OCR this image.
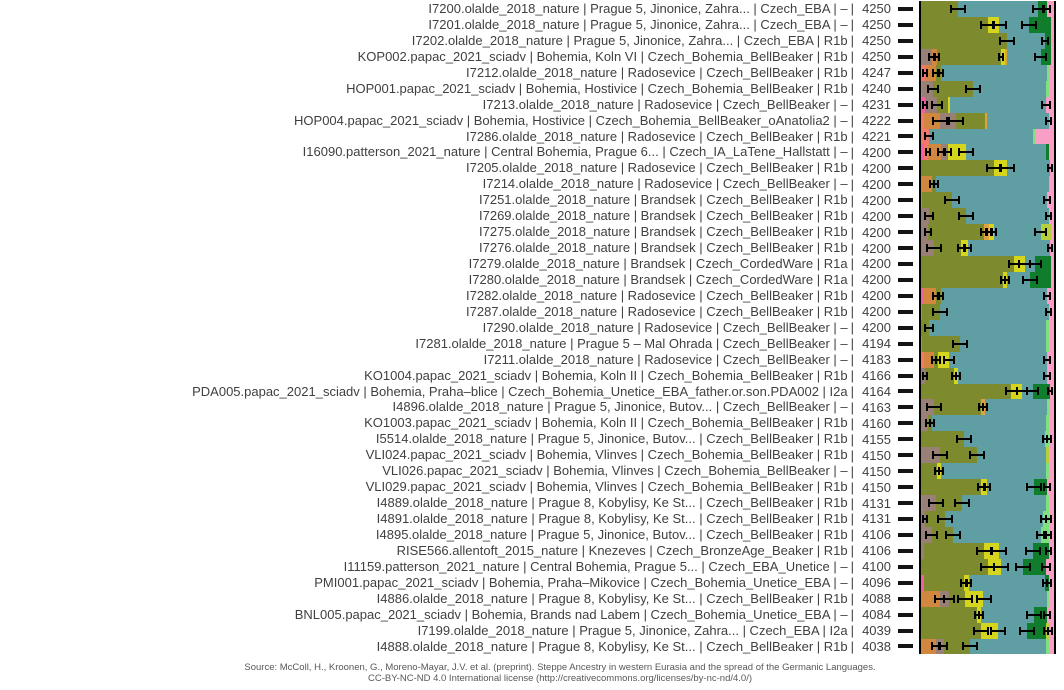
I7200.olalde_2018_nature | Prague 5, Jinonice, Zahra... | Czech_EBA | – | 4250
I7201.olalde_2018_nature | Prague 5, Jinonice, Zahra... | Czech_EBA | – | 4250
I7202.olalde_2018_nature | Prague 5, Jinonice, Zahra... | Czech_EBA | R1b | 4250
KOP002.papac_2021_sciadv | Bohemia, Koln VI | Czech_Bohemia_BellBeaker | R1b | 4250
I7212.olalde_2018_nature | Radosevice | Czech_BellBeaker | R1b | 4247
HOP001.papac_2021_sciadv | Bohemia, Hostivice | Czech_Bohemia_BellBeaker | R1b | 4240
I7213.olalde_2018_nature | Radosevice | Czech_BellBeaker | – | 4231
HOP004.papac_2021_sciadv | Bohemia, Hostivice | Czech_Bohemia_BellBeaker_oAnatolia2 | – | 4222
I7286.olalde_2018_nature | Radosevice | Czech_BellBeaker | R1b | 4221
I16090.patterson_2021_nature | Central Bohemia, Prague 6... | Czech_IA_LaTene_Hallstatt | – | 4200
I7205.olalde_2018_nature | Radosevice | Czech_BellBeaker | R1b | 4200
I7214.olalde_2018_nature | Radosevice | Czech_BellBeaker | – | 4200
I7251.olalde_2018_nature | Brandsek | Czech_BellBeaker | R1b | 4200
I7269.olalde_2018_nature | Brandsek | Czech_BellBeaker | R1b | 4200
I7275.olalde_2018_nature | Brandsek | Czech_BellBeaker | R1b | 4200
I7276.olalde_2018_nature | Brandsek | Czech_BellBeaker | R1b | 4200
I7279.olalde_2018_nature | Brandsek | Czech_CordedWare | R1a | 4200
I7280.olalde_2018_nature | Brandsek | Czech_CordedWare | R1a | 4200
I7282.olalde_2018_nature | Radosevice | Czech_BellBeaker | R1b | 4200
I7287.olalde_2018_nature | Radosevice | Czech_BellBeaker | R1b | 4200
I7290.olalde_2018_nature | Radosevice | Czech_BellBeaker | – | 4200
I7281.olalde_2018_nature | Prague 5 – Mal Ohrada | Czech_BellBeaker | – | 4194
I7211.olalde_2018_nature | Radosevice | Czech_BellBeaker | – | 4183
KO1004.papac_2021_sciadv | Bohemia, Koln II | Czech_Bohemia_BellBeaker | R1b | 4166
PDA005.papac_2021_sciadv | Bohemia, Praha–blice | Czech_Bohemia_Unetice_EBA_father.or.son.PDA002 | I2a | 4164
I4896.olalde_2018_nature | Prague 5, Jinonice, Butov... | Czech_BellBeaker | – | 4163
KO1003.papac_2021_sciadv | Bohemia, Koln II | Czech_Bohemia_BellBeaker | R1b | 4160
I5514.olalde_2018_nature | Prague 5, Jinonice, Butov... | Czech_BellBeaker | R1b | 4155
VLI024.papac_2021_sciadv | Bohemia, Vlinves | Czech_Bohemia_BellBeaker | R1b | 4150
VLI026.papac_2021_sciadv | Bohemia, Vlinves | Czech_Bohemia_BellBeaker | – | 4150
VLI029.papac_2021_sciadv | Bohemia, Vlinves | Czech_Bohemia_BellBeaker | R1b | 4150
I4889.olalde_2018_nature | Prague 8, Kobylisy, Ke St... | Czech_BellBeaker | R1b | 4131
I4891.olalde_2018_nature | Prague 8, Kobylisy, Ke St... | Czech_BellBeaker | R1b | 4131
I4895.olalde_2018_nature | Prague 5, Jinonice, Butov... | Czech_BellBeaker | R1b | 4106
RISE566.allentoft_2015_nature | Knezeves | Czech_BronzeAge_Beaker | R1b | 4106
I11159.patterson_2021_nature | Central Bohemia, Prague 5... | Czech_EBA_Unetice | – | 4100
PMI001.papac_2021_sciadv | Bohemia, Praha–Mikovice | Czech_Bohemia_Unetice_EBA | – | 4096
I4886.olalde_2018_nature | Prague 8, Kobylisy, Ke St... | Czech_BellBeaker | R1b | 4088
BNL005.papac_2021_sciadv | Bohemia, Brands nad Labem | Czech_Bohemia_Unetice_EBA | – | 4084
I7199.olalde_2018_nature | Prague 5, Jinonice, Zahra... | Czech_EBA | I2a | 4039
I4888.olalde_2018_nature | Prague 8, Kobylisy, Ke St... | Czech_BellBeaker | R1b | 4038
Source: McColl, H., Kroonen, G., Moreno-Mayar, J.V. et al. (preprint). Steppe Ancestry in western Eurasia and the spread of the Germanic Languages.
CC-BY-NC-ND 4.0 International license (http://creativecommons.org/licenses/by-nc-nd/4.0/)
